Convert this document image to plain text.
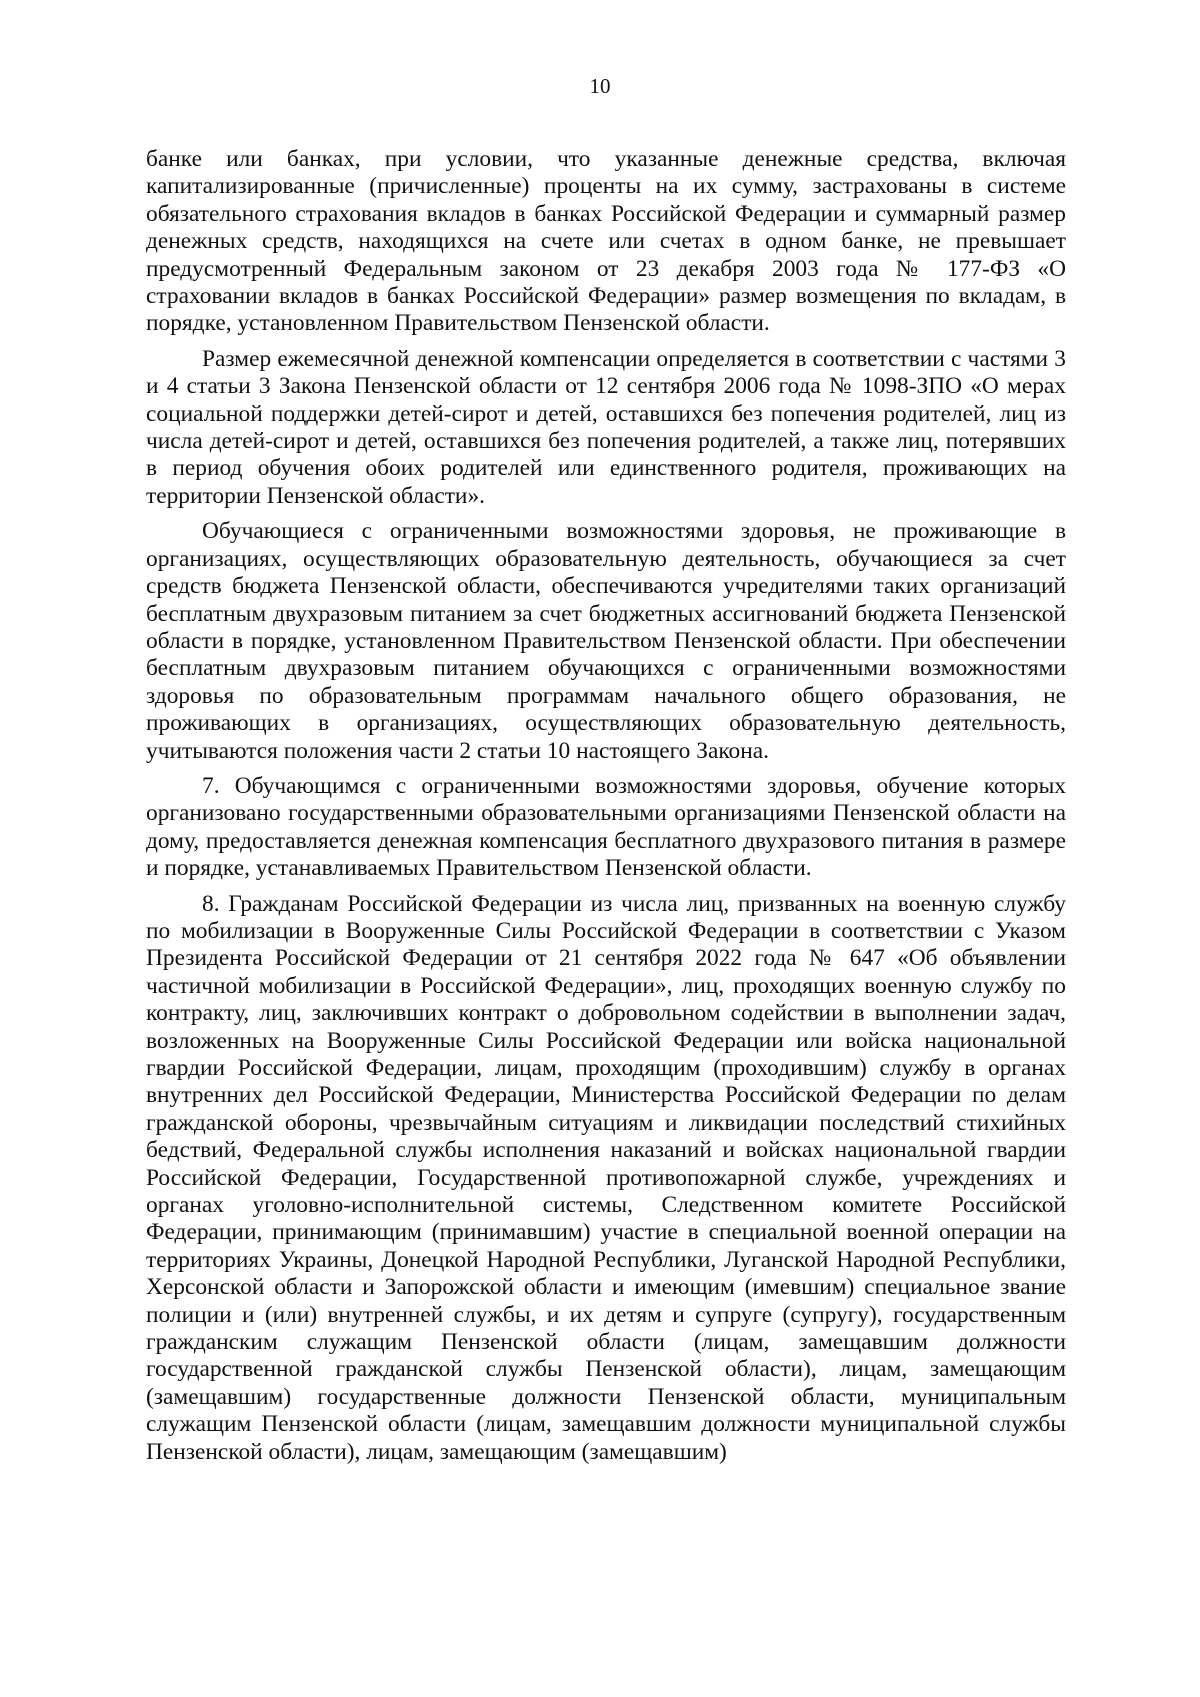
10

банке или банках, при условии, что указанные денежные средства, включая капитализированные (причисленные) проценты на их сумму, застрахованы в системе обязательного страхования вкладов в банках Российской Федерации и суммарный размер денежных средств, находящихся на счете или счетах в одном банке, не превышает предусмотренный Федеральным законом от 23 декабря 2003 года № 177-ФЗ «О страховании вкладов в банках Российской Федерации» размер возмещения по вкладам, в порядке, установленном Правительством Пензенской области.

Размер ежемесячной денежной компенсации определяется в соответствии с частями 3 и 4 статьи 3 Закона Пензенской области от 12 сентября 2006 года № 1098-ЗПО «О мерах социальной поддержки детей-сирот и детей, оставшихся без попечения родителей, лиц из числа детей-сирот и детей, оставшихся без попечения родителей, а также лиц, потерявших в период обучения обоих родителей или единственного родителя, проживающих на территории Пензенской области».

Обучающиеся с ограниченными возможностями здоровья, не проживающие в организациях, осуществляющих образовательную деятельность, обучающиеся за счет средств бюджета Пензенской области, обеспечиваются учредителями таких организаций бесплатным двухразовым питанием за счет бюджетных ассигнований бюджета Пензенской области в порядке, установленном Правительством Пензенской области. При обеспечении бесплатным двухразовым питанием обучающихся с ограниченными возможностями здоровья по образовательным программам начального общего образования, не проживающих в организациях, осуществляющих образовательную деятельность, учитываются положения части 2 статьи 10 настоящего Закона.

7. Обучающимся с ограниченными возможностями здоровья, обучение которых организовано государственными образовательными организациями Пензенской области на дому, предоставляется денежная компенсация бесплатного двухразового питания в размере и порядке, устанавливаемых Правительством Пензенской области.

8. Гражданам Российской Федерации из числа лиц, призванных на военную службу по мобилизации в Вооруженные Силы Российской Федерации в соответствии с Указом Президента Российской Федерации от 21 сентября 2022 года № 647 «Об объявлении частичной мобилизации в Российской Федерации», лиц, проходящих военную службу по контракту, лиц, заключивших контракт о добровольном содействии в выполнении задач, возложенных на Вооруженные Силы Российской Федерации или войска национальной гвардии Российской Федерации, лицам, проходящим (проходившим) службу в органах внутренних дел Российской Федерации, Министерства Российской Федерации по делам гражданской обороны, чрезвычайным ситуациям и ликвидации последствий стихийных бедствий, Федеральной службы исполнения наказаний и войсках национальной гвардии Российской Федерации, Государственной противопожарной службе, учреждениях и органах уголовно-исполнительной системы, Следственном комитете Российской Федерации, принимающим (принимавшим) участие в специальной военной операции на территориях Украины, Донецкой Народной Республики, Луганской Народной Республики, Херсонской области и Запорожской области и имеющим (имевшим) специальное звание полиции и (или) внутренней службы, и их детям и супруге (супругу), государственным гражданским служащим Пензенской области (лицам, замещавшим должности государственной гражданской службы Пензенской области), лицам, замещающим (замещавшим) государственные должности Пензенской области, муниципальным служащим Пензенской области (лицам, замещавшим должности муниципальной службы Пензенской области), лицам, замещающим (замещавшим)
